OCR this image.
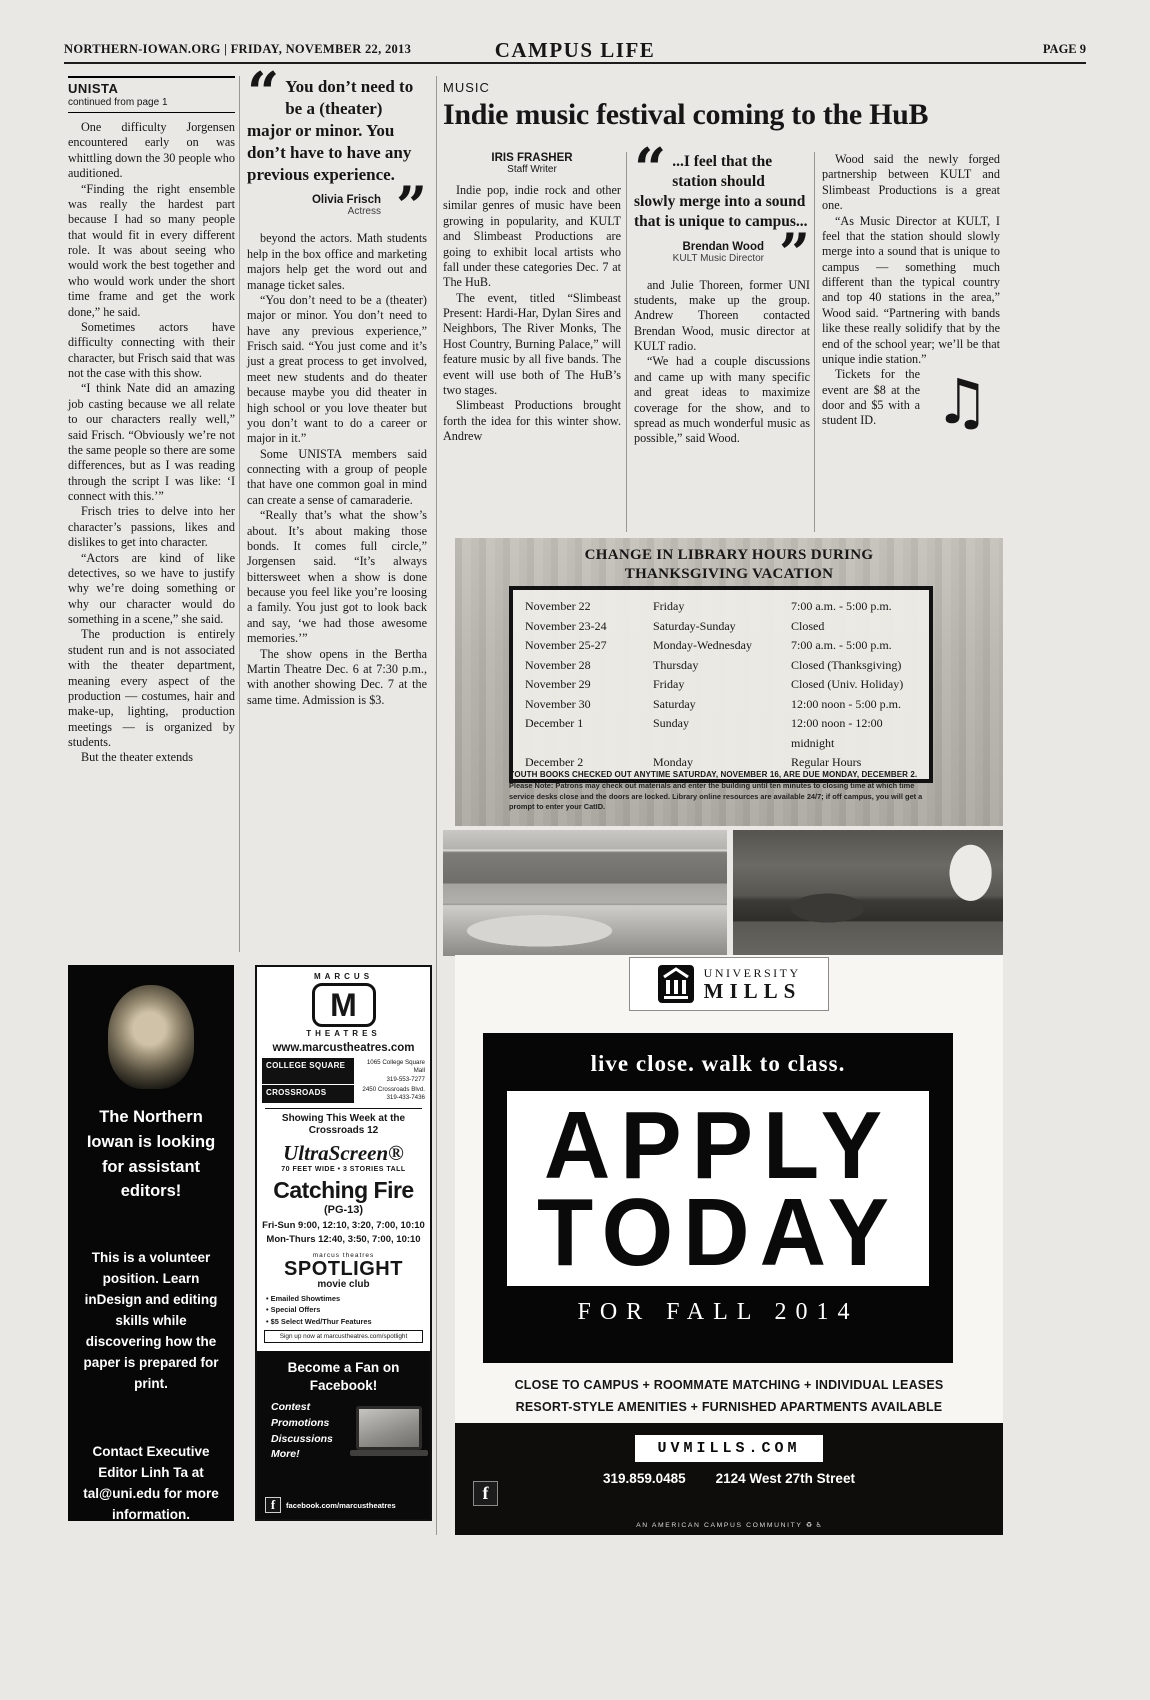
NORTHERN-IOWAN.ORG | FRIDAY, NOVEMBER 22, 2013	CAMPUS LIFE	PAGE 9
UNISTA
continued from page 1

One difficulty Jorgensen encountered early on was whittling down the 30 people who auditioned.

“Finding the right ensemble was really the hardest part because I had so many people that would fit in every different role. It was about seeing who would work the best together and who would work under the short time frame and get the work done,” he said.

Sometimes actors have difficulty connecting with their character, but Frisch said that was not the case with this show.

“I think Nate did an amazing job casting because we all relate to our characters really well,” said Frisch. “Obviously we’re not the same people so there are some differences, but as I was reading through the script I was like: ‘I connect with this.’”

Frisch tries to delve into her character’s passions, likes and dislikes to get into character.

“Actors are kind of like detectives, so we have to justify why we’re doing something or why our character would do something in a scene,” she said.

The production is entirely student run and is not associated with the theater department, meaning every aspect of the production — costumes, hair and make-up, lighting, production meetings — is organized by students.

But the theater extends

“ You don’t need to be a (theater) major or minor. You don’t have to have any previous experience. ”
Olivia Frisch
Actress

beyond the actors. Math students help in the box office and marketing majors help get the word out and manage ticket sales.

“You don’t need to be a (theater) major or minor. You don’t need to have any previous experience,” Frisch said. “You just come and it’s just a great process to get involved, meet new students and do theater because maybe you did theater in high school or you love theater but you don’t want to do a career or major in it.”

Some UNISTA members said connecting with a group of people that have one common goal in mind can create a sense of camaraderie.

“Really that’s what the show’s about. It’s about making those bonds. It comes full circle,” Jorgensen said. “It’s always bittersweet when a show is done because you feel like you’re loosing a family. You just got to look back and say, ‘we had those awesome memories.’”

The show opens in the Bertha Martin Theatre Dec. 6 at 7:30 p.m., with another showing Dec. 7 at the same time. Admission is $3.

MUSIC
Indie music festival coming to the HuB
IRIS FRASHER
Staff Writer

Indie pop, indie rock and other similar genres of music have been growing in popularity, and KULT and Slimbeast Productions are going to exhibit local artists who fall under these categories Dec. 7 at The HuB.

The event, titled “Slimbeast Present: Hardi-Har, Dylan Sires and Neighbors, The River Monks, The Host Country, Burning Palace,” will feature music by all five bands. The event will use both of The HuB’s two stages.

Slimbeast Productions brought forth the idea for this winter show. Andrew

“ ...I feel that the station should slowly merge into a sound that is unique to campus...
”
Brendan Wood
KULT Music Director

and Julie Thoreen, former UNI students, make up the group. Andrew Thoreen contacted Brendan Wood, music director at KULT radio.

“We had a couple discussions and came up with many specific and great ideas to maximize coverage for the show, and to spread as much wonderful music as possible,” said Wood.

Wood said the newly forged partnership between KULT and Slimbeast Productions is a great one.

“As Music Director at KULT, I feel that the station should slowly merge into a sound that is unique to campus — something much different than the typical country and top 40 stations in the area,” Wood said. “Partnering with bands like these really solidify that by the end of the school year; we’ll be that unique indie station.”

Tickets for the event are $8 at the door and $5 with a student ID. ♫
CHANGE IN LIBRARY HOURS DURING
THANKSGIVING VACATION
November 22	Friday	7:00 a.m. - 5:00 p.m.
November 23-24	Saturday-Sunday	Closed
November 25-27	Monday-Wednesday	7:00 a.m. - 5:00 p.m.
November 28	Thursday	Closed (Thanksgiving)
November 29	Friday	Closed (Univ. Holiday)
November 30	Saturday	12:00 noon - 5:00 p.m.
December 1	Sunday	12:00 noon - 12:00 midnight
December 2	Monday	Regular Hours
YOUTH BOOKS CHECKED OUT ANYTIME SATURDAY, NOVEMBER 16, ARE DUE MONDAY, DECEMBER 2.
Please Note: Patrons may check out materials and enter the building until ten minutes to closing time at which time service desks close and the doors are locked. Library online resources are available 24/7; if off campus, you will get a prompt to enter your CatID.
The Northern Iowan is looking for assistant editors!
This is a volunteer position. Learn inDesign and editing skills while discovering how the paper is prepared for print.
Contact Executive Editor Linh Ta at tal@uni.edu for more information.
MARCUS
M
THEATRES
www.marcustheatres.com
COLLEGE SQUARE	1065 College Square Mall
319-553-7277
CROSSROADS	2450 Crossroads Blvd.
319-433-7436
Showing This Week at the Crossroads 12
UltraScreen®
70 FEET WIDE • 3 STORIES TALL
Catching Fire
(PG-13)
Fri-Sun 9:00, 12:10, 3:20, 7:00, 10:10
Mon-Thurs 12:40, 3:50, 7:00, 10:10
marcus theatres
SPOTLIGHT
movie club

• Emailed Showtimes

• Special Offers

• $5 Select Wed/Thur Features

Sign up now at marcustheatres.com/spotlight
Become a Fan on Facebook!

Contest

Promotions

Discussions

More!

f	facebook.com/marcustheatres
UNIVERSITY
MILLS
live close. walk to class.
APPLY
TODAY
FOR FALL 2014
CLOSE TO CAMPUS + ROOMMATE MATCHING + INDIVIDUAL LEASES
RESORT-STYLE AMENITIES + FURNISHED APARTMENTS AVAILABLE
UVMILLS.COM
319.859.0485 2124 West 27th Street
f
AN AMERICAN CAMPUS COMMUNITY ♻ ♿
